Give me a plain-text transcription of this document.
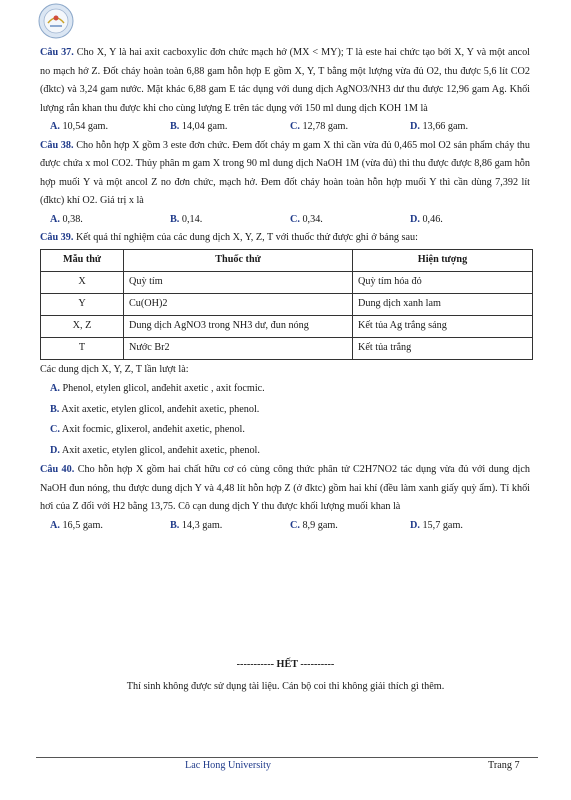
Câu 37. Cho X, Y là hai axit cacboxylic đơn chức mạch hở (MX < MY); T là este hai chức tạo bởi X, Y và một ancol no mạch hở Z. Đốt cháy hoàn toàn 6,88 gam hỗn hợp E gồm X, Y, T bằng một lượng vừa đủ O2, thu được 5,6 lít CO2 (đktc) và 3,24 gam nước. Mặt khác 6,88 gam E tác dụng với dung dịch AgNO3/NH3 dư thu được 12,96 gam Ag. Khối lượng rắn khan thu được khi cho cùng lượng E trên tác dụng với 150 ml dung dịch KOH 1M là

A. 10,54 gam.	B. 14,04 gam.	C. 12,78 gam.	D. 13,66 gam.

Câu 38. Cho hỗn hợp X gồm 3 este đơn chức. Đem đốt cháy m gam X thì cần vừa đủ 0,465 mol O2 sản phẩm cháy thu được chứa x mol CO2. Thủy phân m gam X trong 90 ml dung dịch NaOH 1M (vừa đủ) thì thu được được 8,86 gam hỗn hợp muối Y và một ancol Z no đơn chức, mạch hở. Đem đốt cháy hoàn toàn hỗn hợp muối Y thì cần dùng 7,392 lít (đktc) khí O2. Giá trị x là

A. 0,38.	B. 0,14.	C. 0,34.	D. 0,46.

Câu 39. Kết quả thí nghiệm của các dung dịch X, Y, Z, T với thuốc thử được ghi ở bảng sau:

Mẫu thử	Thuốc thử	Hiện tượng
X	Quỳ tím	Quỳ tím hóa đỏ
Y	Cu(OH)2	Dung dịch xanh lam
X, Z	Dung dịch AgNO3 trong NH3 dư, đun nóng	Kết tủa Ag trắng sáng
T	Nước Br2	Kết tủa trắng

Các dung dịch X, Y, Z, T lần lượt là:

A. Phenol, etylen glicol, anđehit axetic , axit focmic.
B. Axit axetic, etylen glicol, anđehit axetic, phenol.
C. Axit focmic, glixerol, anđehit axetic, phenol.
D. Axit axetic, etylen glicol, anđehit axetic, phenol.

Câu 40. Cho hỗn hợp X gồm hai chất hữu cơ có cùng công thức phân tử C2H7NO2 tác dụng vừa đủ với dung dịch NaOH đun nóng, thu được dung dịch Y và 4,48 lít hỗn hợp Z (ở đktc) gồm hai khí (đều làm xanh giấy quỳ ẩm). Tỉ khối hơi của Z đối với H2 bằng 13,75. Cô cạn dung dịch Y thu được khối lượng muối khan là

A. 16,5 gam.	B. 14,3 gam.	C. 8,9 gam.	D. 15,7 gam.
----------- HẾT ----------
Thí sinh không được sử dụng tài liệu. Cán bộ coi thi không giải thích gì thêm.
Lac Hong University	Trang 7
